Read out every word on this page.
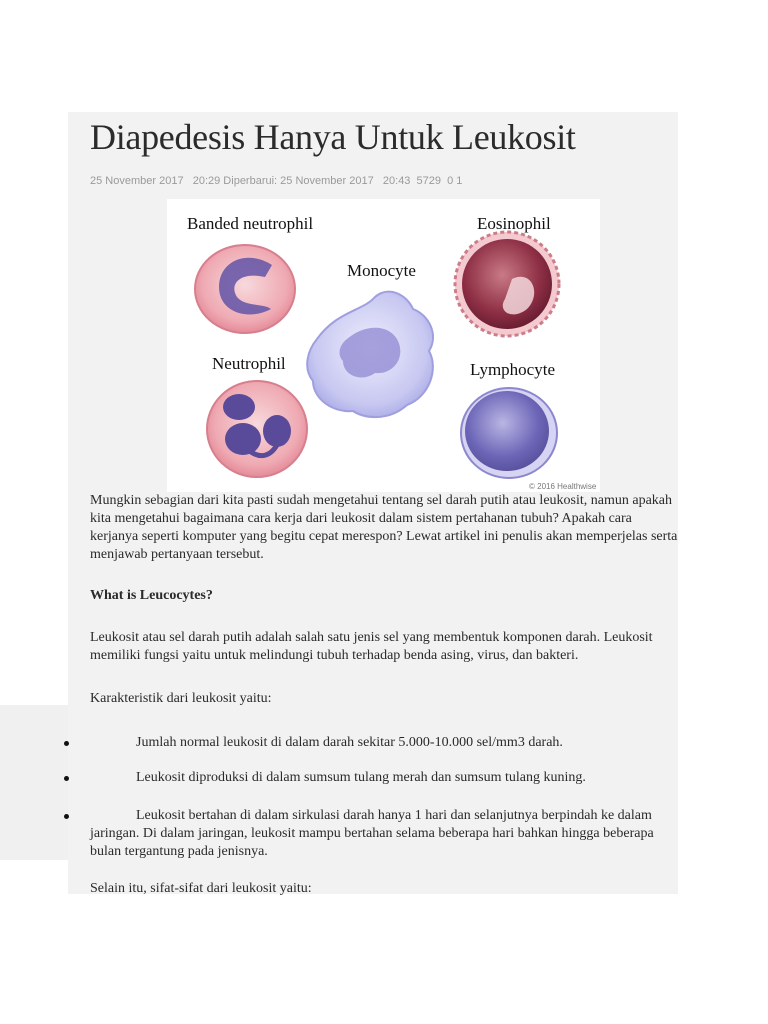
Diapedesis Hanya Untuk Leukosit
25 November 2017   20:29 Diperbarui: 25 November 2017   20:43  5729  0 1
Banded neutrophil	Eosinophil
Monocyte
Neutrophil	Lymphocyte
© 2016 Healthwise

Mungkin sebagian dari kita pasti sudah mengetahui tentang sel darah putih atau leukosit, namun apakah kita mengetahui bagaimana cara kerja dari leukosit dalam sistem pertahanan tubuh? Apakah cara kerjanya seperti komputer yang begitu cepat merespon? Lewat artikel ini penulis akan memperjelas serta menjawab pertanyaan tersebut.

What is Leucocytes?

Leukosit atau sel darah putih adalah salah satu jenis sel yang membentuk komponen darah. Leukosit memiliki fungsi yaitu untuk melindungi tubuh terhadap benda asing, virus, dan bakteri.

Karakteristik dari leukosit yaitu:

Jumlah normal leukosit di dalam darah sekitar 5.000-10.000 sel/mm3 darah.

Leukosit diproduksi di dalam sumsum tulang merah dan sumsum tulang kuning.

Leukosit bertahan di dalam sirkulasi darah hanya 1 hari dan selanjutnya berpindah ke dalam jaringan. Di dalam jaringan, leukosit mampu bertahan selama beberapa hari bahkan hingga beberapa bulan tergantung pada jenisnya.

Selain itu, sifat-sifat dari leukosit yaitu:
